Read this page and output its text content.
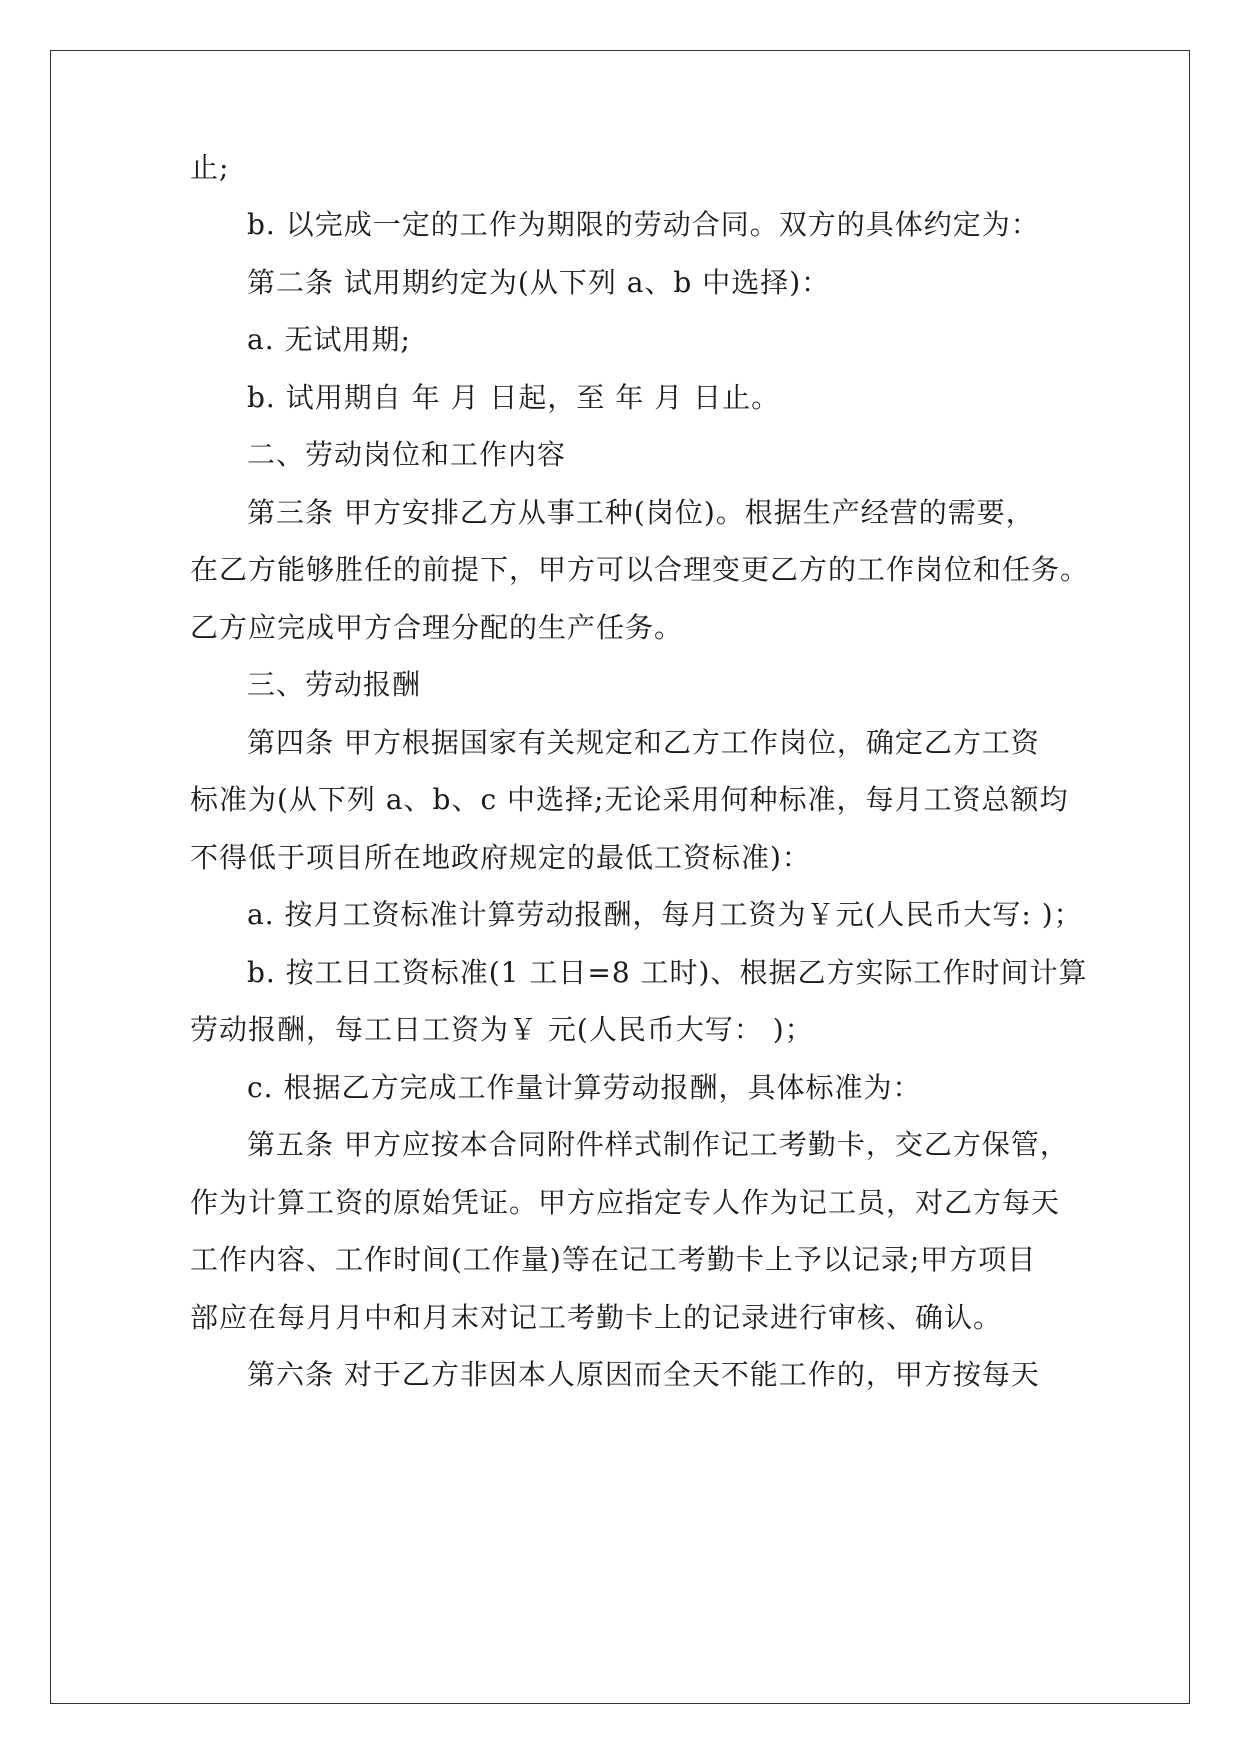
止;
b. 以完成一定的工作为期限的劳动合同。双方的具体约定为：
第二条 试用期约定为(从下列 a、b 中选择)：
a. 无试用期;
b. 试用期自 年 月 日起，至 年 月 日止。
二、劳动岗位和工作内容
第三条 甲方安排乙方从事工种(岗位)。根据生产经营的需要，
在乙方能够胜任的前提下，甲方可以合理变更乙方的工作岗位和任务。
乙方应完成甲方合理分配的生产任务。
三、劳动报酬
第四条 甲方根据国家有关规定和乙方工作岗位，确定乙方工资
标准为(从下列 a、b、c 中选择;无论采用何种标准，每月工资总额均
不得低于项目所在地政府规定的最低工资标准)：
a. 按月工资标准计算劳动报酬，每月工资为￥元(人民币大写: )；
b. 按工日工资标准(1 工日=8 工时)、根据乙方实际工作时间计算
劳动报酬，每工日工资为￥ 元(人民币大写： )；
c. 根据乙方完成工作量计算劳动报酬，具体标准为：
第五条 甲方应按本合同附件样式制作记工考勤卡，交乙方保管，
作为计算工资的原始凭证。甲方应指定专人作为记工员，对乙方每天
工作内容、工作时间(工作量)等在记工考勤卡上予以记录;甲方项目
部应在每月月中和月末对记工考勤卡上的记录进行审核、确认。
第六条 对于乙方非因本人原因而全天不能工作的，甲方按每天
